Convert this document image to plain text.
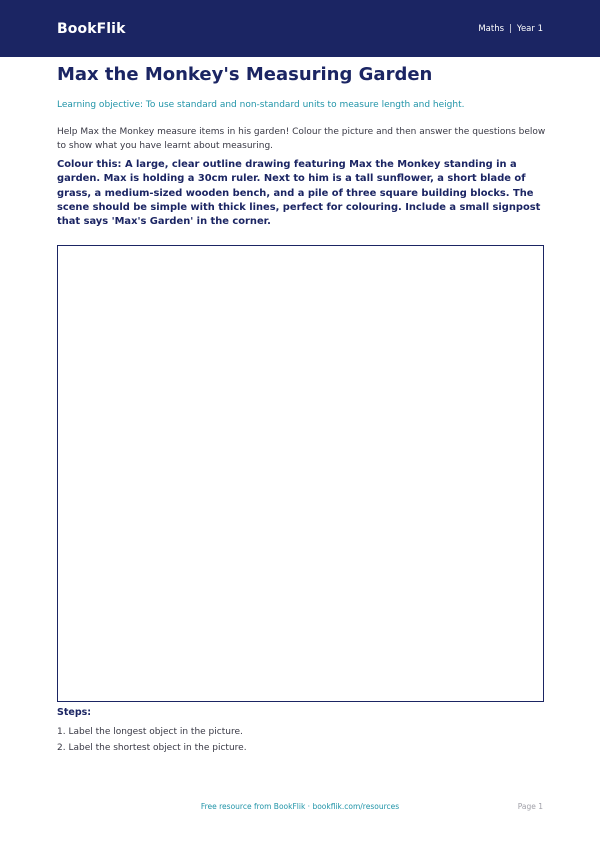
BookFlik	Maths | Year 1
Max the Monkey's Measuring Garden

Learning objective: To use standard and non-standard units to measure length and height.

Help Max the Monkey measure items in his garden! Colour the picture and then answer the questions below to show what you have learnt about measuring.

Colour this: A large, clear outline drawing featuring Max the Monkey standing in a garden. Max is holding a 30cm ruler. Next to him is a tall sunflower, a short blade of grass, a medium-sized wooden bench, and a pile of three square building blocks. The scene should be simple with thick lines, perfect for colouring. Include a small signpost that says 'Max's Garden' in the corner.

Steps:
1. Label the longest object in the picture.
2. Label the shortest object in the picture.
Free resource from BookFlik · bookflik.com/resources	Page 1
